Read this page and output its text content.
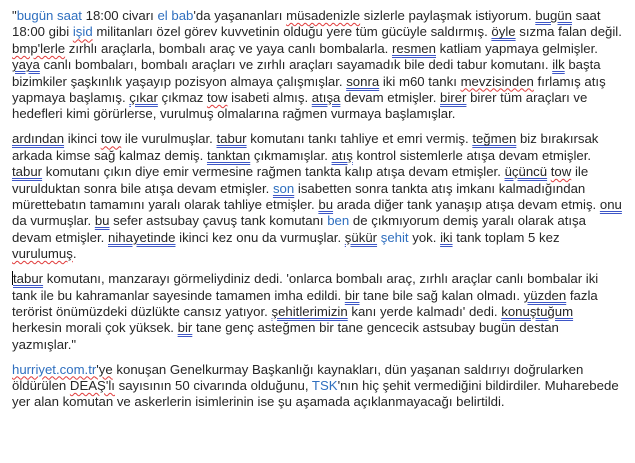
"bugün saat 18:00 civarı el bab'da yaşananları müsadenizle sizlerle paylaşmak istiyorum. bugün saat 18:00 gibi işid militanları özel görev kuvvetinin olduğu yere tüm gücüyle saldırmış. öyle sızma falan değil. bmp'lerle zırhlı araçlarla, bombalı araç ve yaya canlı bombalarla. resmen katliam yapmaya gelmişler. yaya canlı bombaları, bombalı araçları ve zırhlı araçları sayamadık bile dedi tabur komutanı. ilk başta bizimkiler şaşkınlık yaşayıp pozisyon almaya çalışmışlar. sonra iki m60 tankı mevzisinden fırlamış atış yapmaya başlamış. çıkar çıkmaz tow isabeti almış. atışa devam etmişler. birer birer tüm araçları ve hedefleri kimi görürlerse, vurulmuş olmalarına rağmen vurmaya başlamışlar.

ardından ikinci tow ile vurulmuşlar. tabur komutanı tankı tahliye et emri vermiş. teğmen biz bırakırsak arkada kimse sağ kalmaz demiş. tanktan çıkmamışlar. atış kontrol sistemlerle atışa devam etmişler. tabur komutanı çıkın diye emir vermesine rağmen tankta kalıp atışa devam etmişler. üçüncü tow ile vurulduktan sonra bile atışa devam etmişler. son isabetten sonra tankta atış imkanı kalmadığından mürettebatın tamamını yaralı olarak tahliye etmişler. bu arada diğer tank yanaşıp atışa devam etmiş. onu da vurmuşlar. bu sefer astsubay çavuş tank komutanı ben de çıkmıyorum demiş yaralı olarak atışa devam etmişler. nihayetinde ikinci kez onu da vurmuşlar. şükür şehit yok. iki tank toplam 5 kez vurulumuş.

tabur komutanı, manzarayı görmeliydiniz dedi. 'onlarca bombalı araç, zırhlı araçlar canlı bombalar iki tank ile bu kahramanlar sayesinde tamamen imha edildi. bir tane bile sağ kalan olmadı. yüzden fazla terörist önümüzdeki düzlükte cansız yatıyor. şehitlerimizin kanı yerde kalmadı' dedi. konuştuğum herkesin morali çok yüksek. bir tane genç asteğmen bir tane gencecik astsubay bugün destan yazmışlar."

hurriyet.com.tr'ye konuşan Genelkurmay Başkanlığı kaynakları, dün yaşanan saldırıyı doğrularken öldürülen DEAŞ'lı sayısının 50 civarında olduğunu, TSK'nın hiç şehit vermediğini bildirdiler. Muharebede yer alan komutan ve askerlerin isimlerinin ise şu aşamada açıklanmayacağı belirtildi.
